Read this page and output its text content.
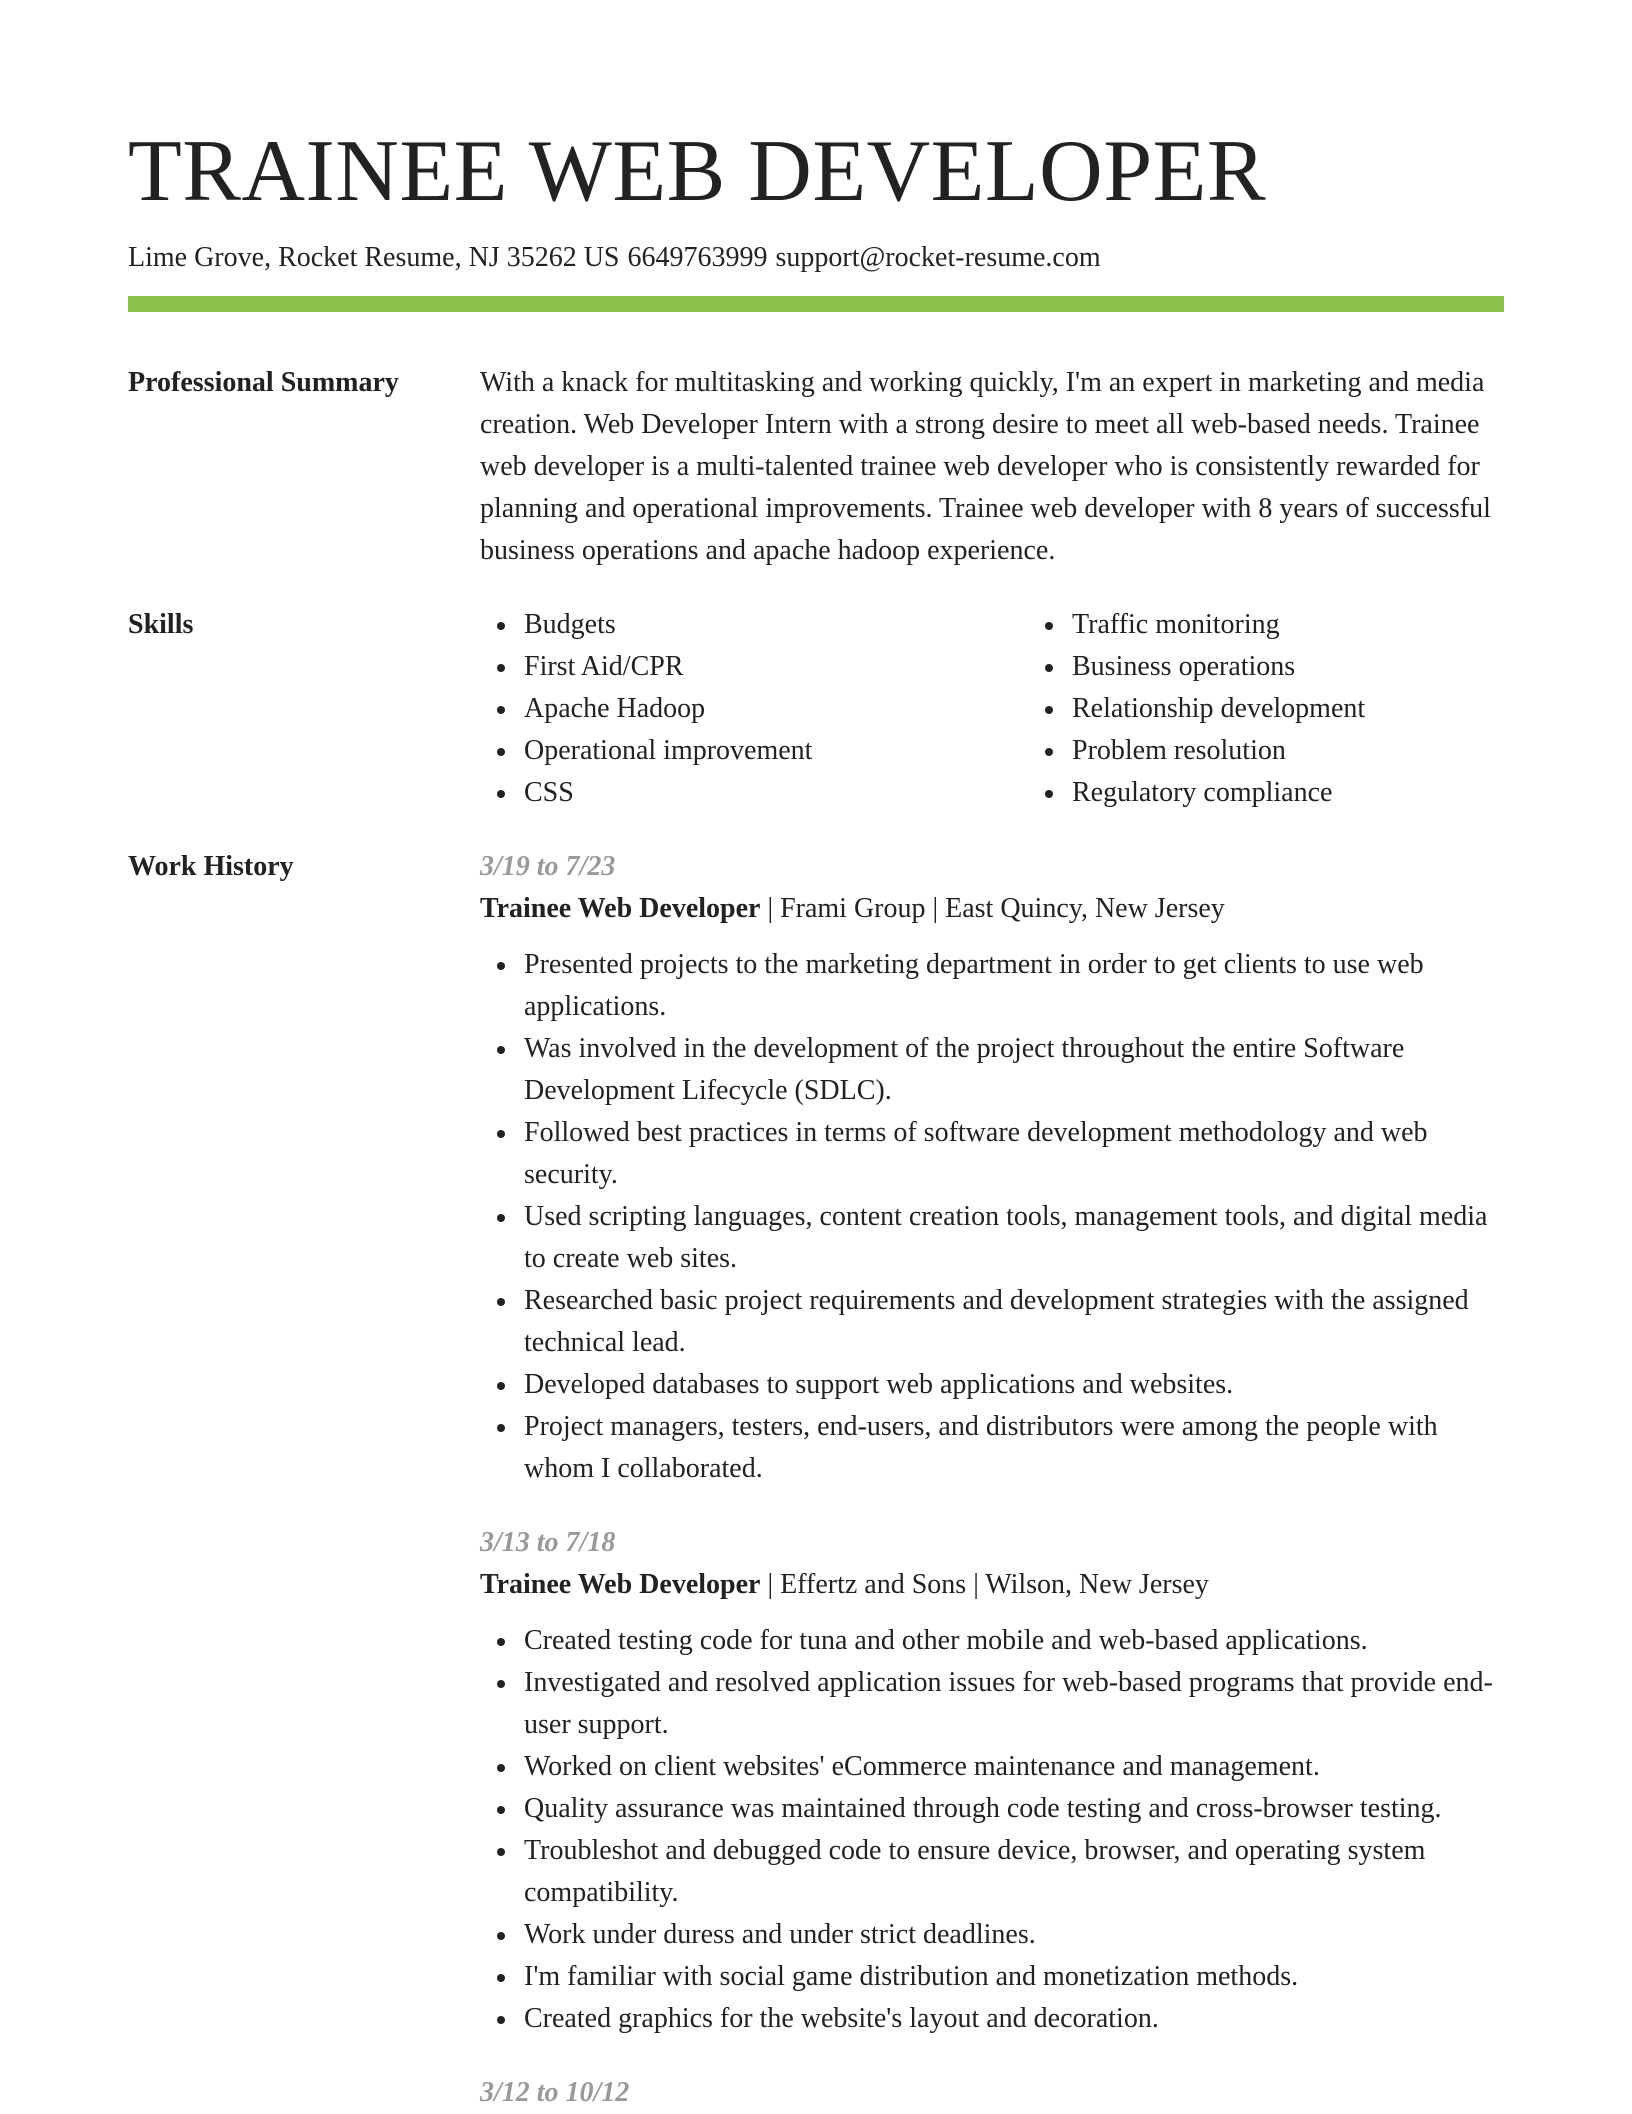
TRAINEE WEB DEVELOPER
Lime Grove, Rocket Resume, NJ 35262 US 6649763999 support@rocket-resume.com
Professional Summary	With a knack for multitasking and working quickly, I'm an expert in marketing and media creation. Web Developer Intern with a strong desire to meet all web-based needs. Trainee web developer is a multi-talented trainee web developer who is consistently rewarded for planning and operational improvements. Trainee web developer with 8 years of successful business operations and apache hadoop experience.

Skills	Budgets
First Aid/CPR
Apache Hadoop
Operational improvement
CSS
Traffic monitoring
Business operations
Relationship development
Problem resolution
Regulatory compliance
Work History	3/19 to 7/23
Trainee Web Developer | Frami Group | East Quincy, New Jersey
Presented projects to the marketing department in order to get clients to use web applications.
Was involved in the development of the project throughout the entire Software Development Lifecycle (SDLC).
Followed best practices in terms of software development methodology and web security.
Used scripting languages, content creation tools, management tools, and digital media to create web sites.
Researched basic project requirements and development strategies with the assigned technical lead.
Developed databases to support web applications and websites.
Project managers, testers, end-users, and distributors were among the people with whom I collaborated.
3/13 to 7/18
Trainee Web Developer | Effertz and Sons | Wilson, New Jersey
Created testing code for tuna and other mobile and web-based applications.
Investigated and resolved application issues for web-based programs that provide end-user support.
Worked on client websites' eCommerce maintenance and management.
Quality assurance was maintained through code testing and cross-browser testing.
Troubleshot and debugged code to ensure device, browser, and operating system compatibility.
Work under duress and under strict deadlines.
I'm familiar with social game distribution and monetization methods.
Created graphics for the website's layout and decoration.
3/12 to 10/12
